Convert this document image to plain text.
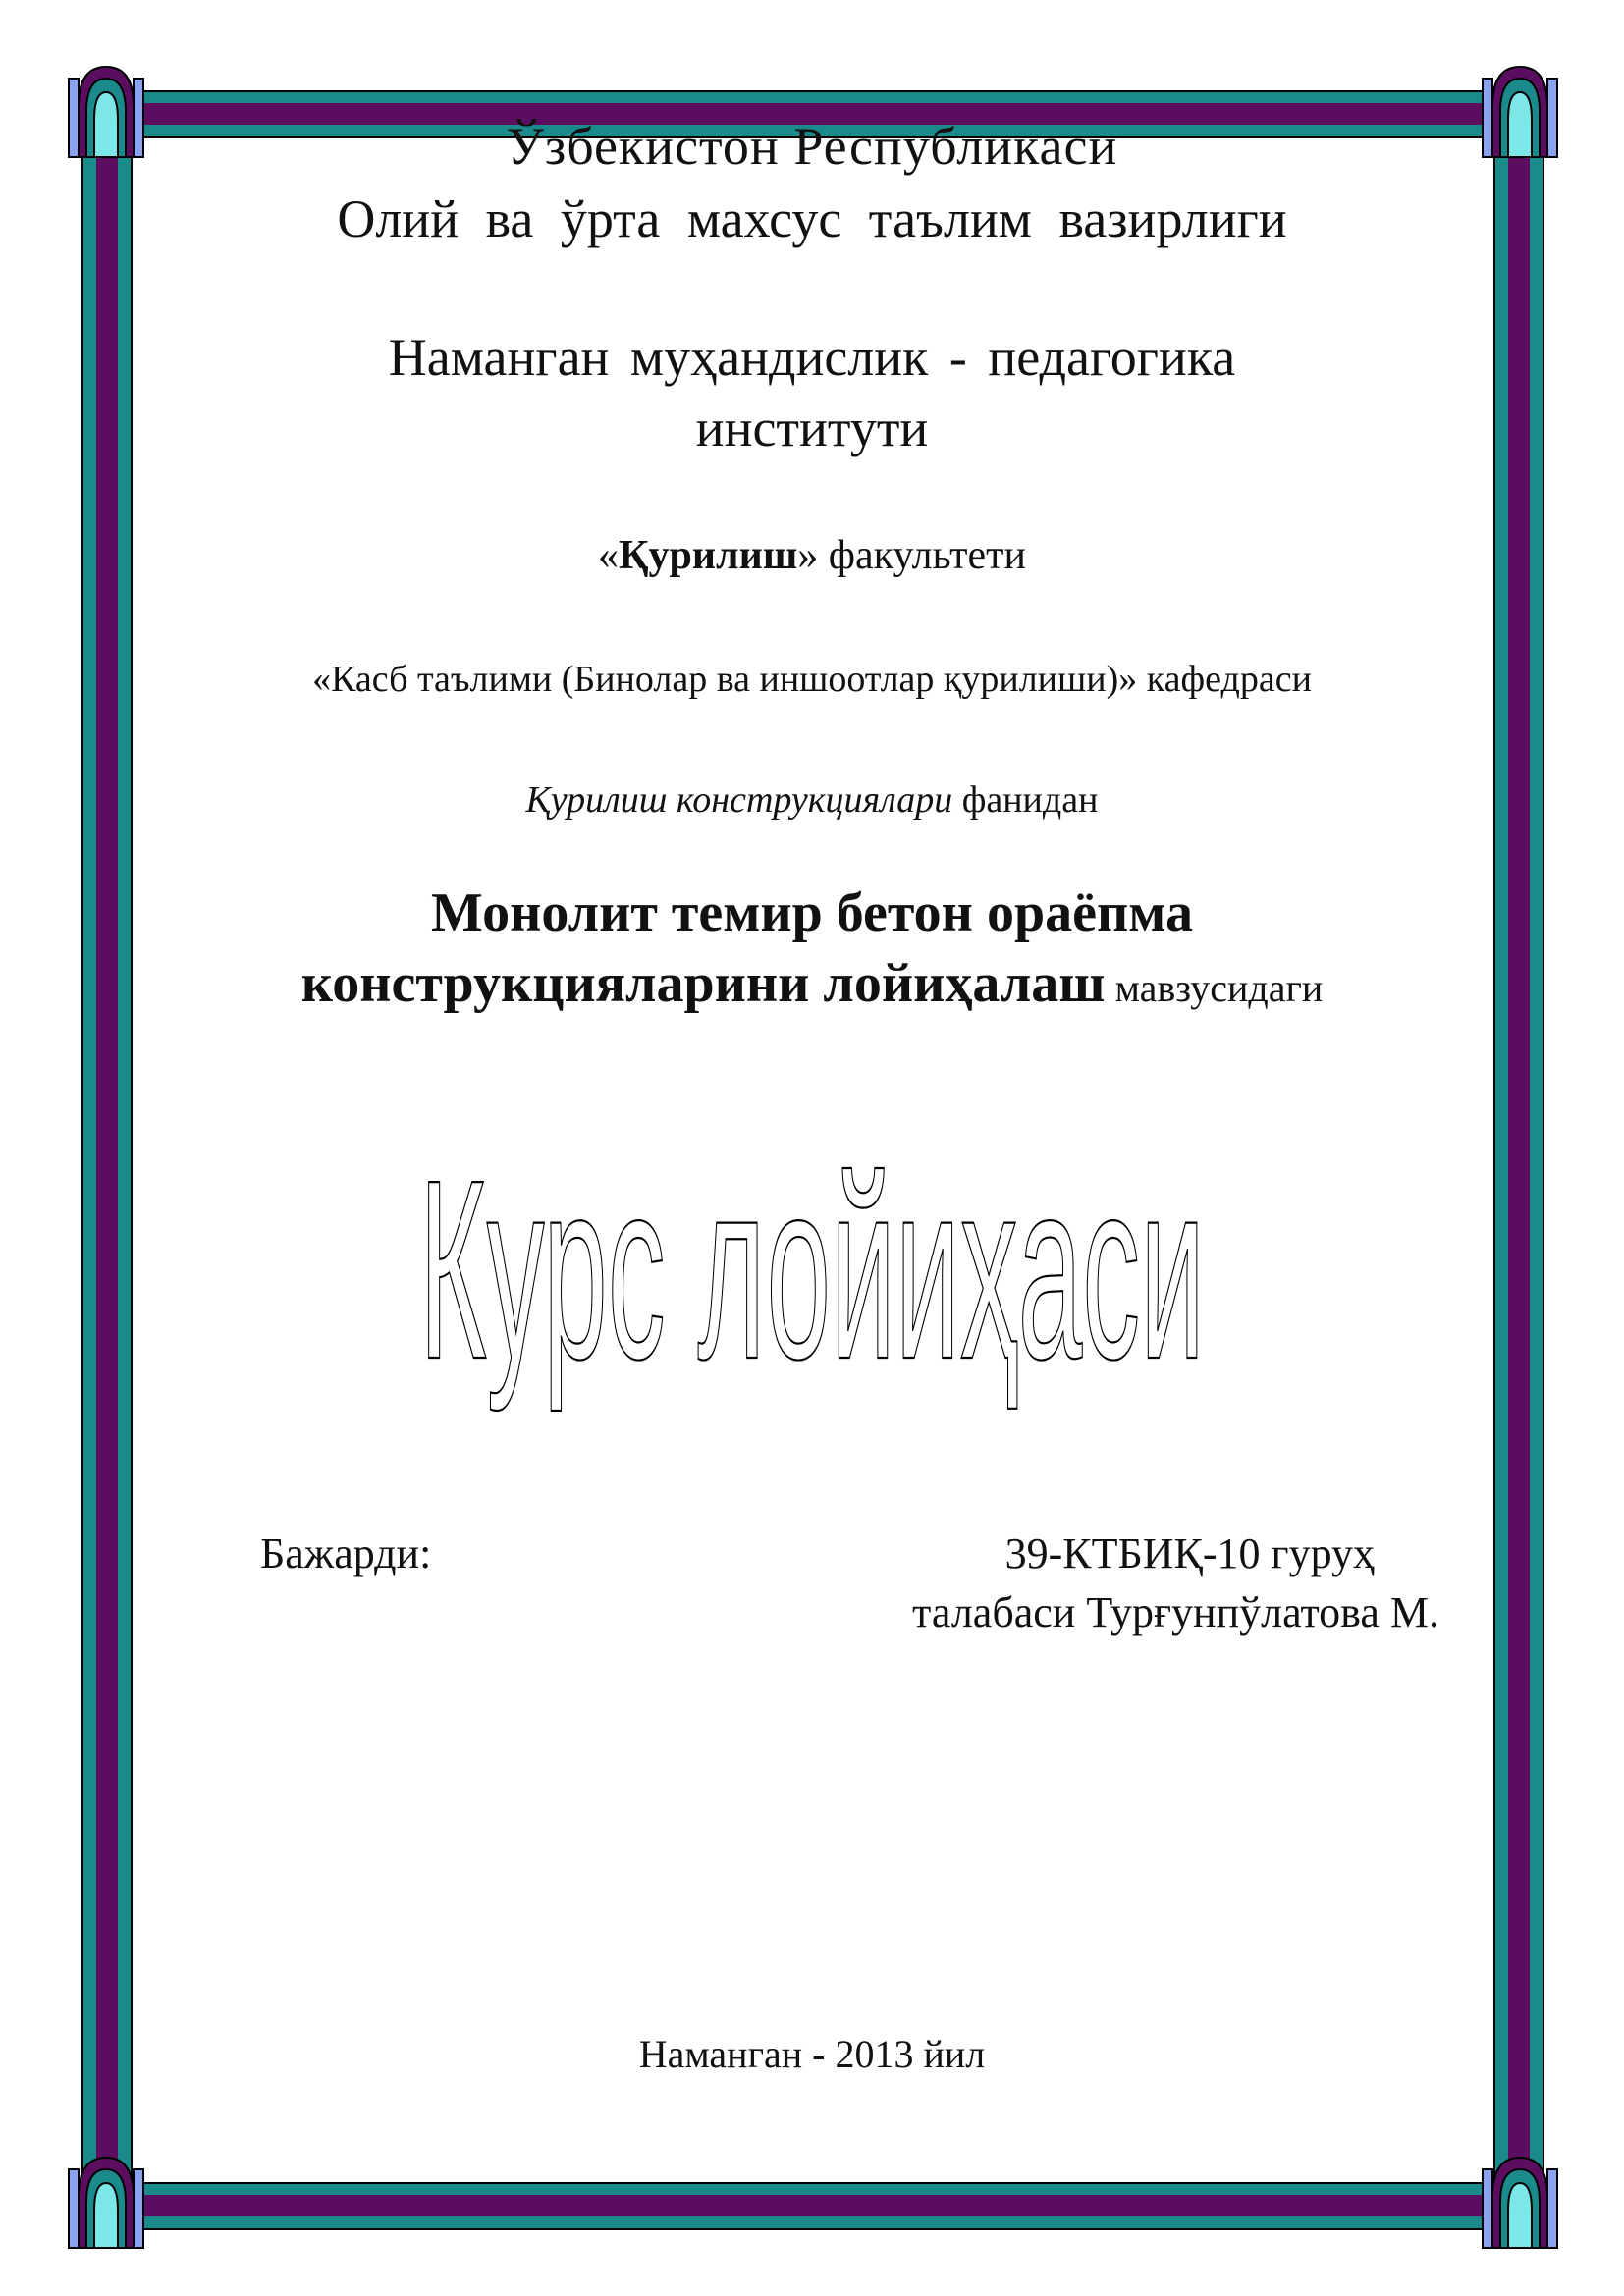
Ўзбекистон Республикаси
Олий ва ўрта махсус таълим вазирлиги
Наманган муҳандислик - педагогика
институти
«Қурилиш» факультети
«Касб таълими (Бинолар ва иншоотлар қурилиши)» кафедраси
Қурилиш конструкциялари фанидан
Монолит темир бетон ораёпма
конструкцияларини лойиҳалаш мавзусидаги
Курс лойиҳаси
Бажарди:	39-КТБИҚ-10 гуруҳ
талабаси Турғунпўлатова М.
Наманган - 2013 йил
